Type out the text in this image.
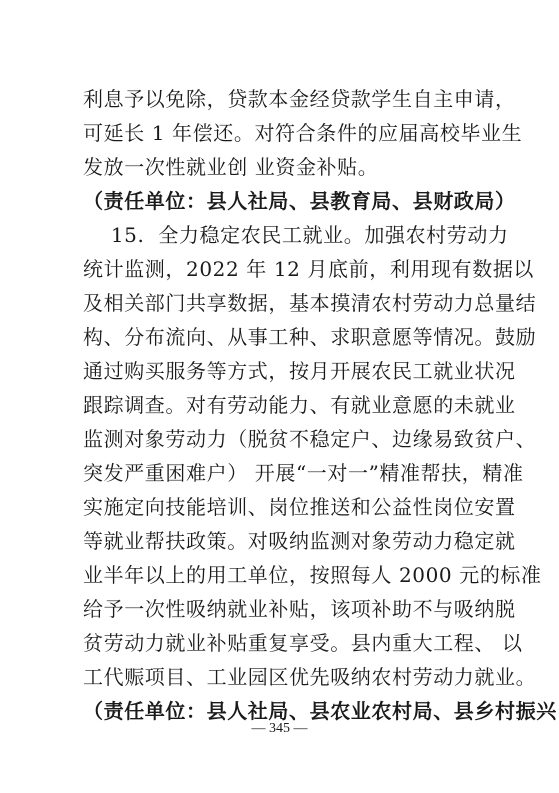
利息予以免除，贷款本金经贷款学生自主申请，
可延长 1 年偿还。对符合条件的应届高校毕业生
发放一次性就业创 业资金补贴。
（责任单位：县人社局、县教育局、县财政局）
15.  全力稳定农民工就业。加强农村劳动力
统计监测，2022 年 12 月底前，利用现有数据以
及相关部门共享数据，基本摸清农村劳动力总量结
构、分布流向、从事工种、求职意愿等情况。鼓励
通过购买服务等方式，按月开展农民工就业状况
跟踪调查。对有劳动能力、有就业意愿的未就业
监测对象劳动力（脱贫不稳定户、边缘易致贫户、
突发严重困难户） 开展“一对一”精准帮扶，精准
实施定向技能培训、岗位推送和公益性岗位安置
等就业帮扶政策。对吸纳监测对象劳动力稳定就
业半年以上的用工单位，按照每人 2000 元的标准
给予一次性吸纳就业补贴，该项补助不与吸纳脱
贫劳动力就业补贴重复享受。县内重大工程、 以
工代赈项目、工业园区优先吸纳农村劳动力就业。
（责任单位：县人社局、县农业农村局、县乡村振兴
— 345 —
